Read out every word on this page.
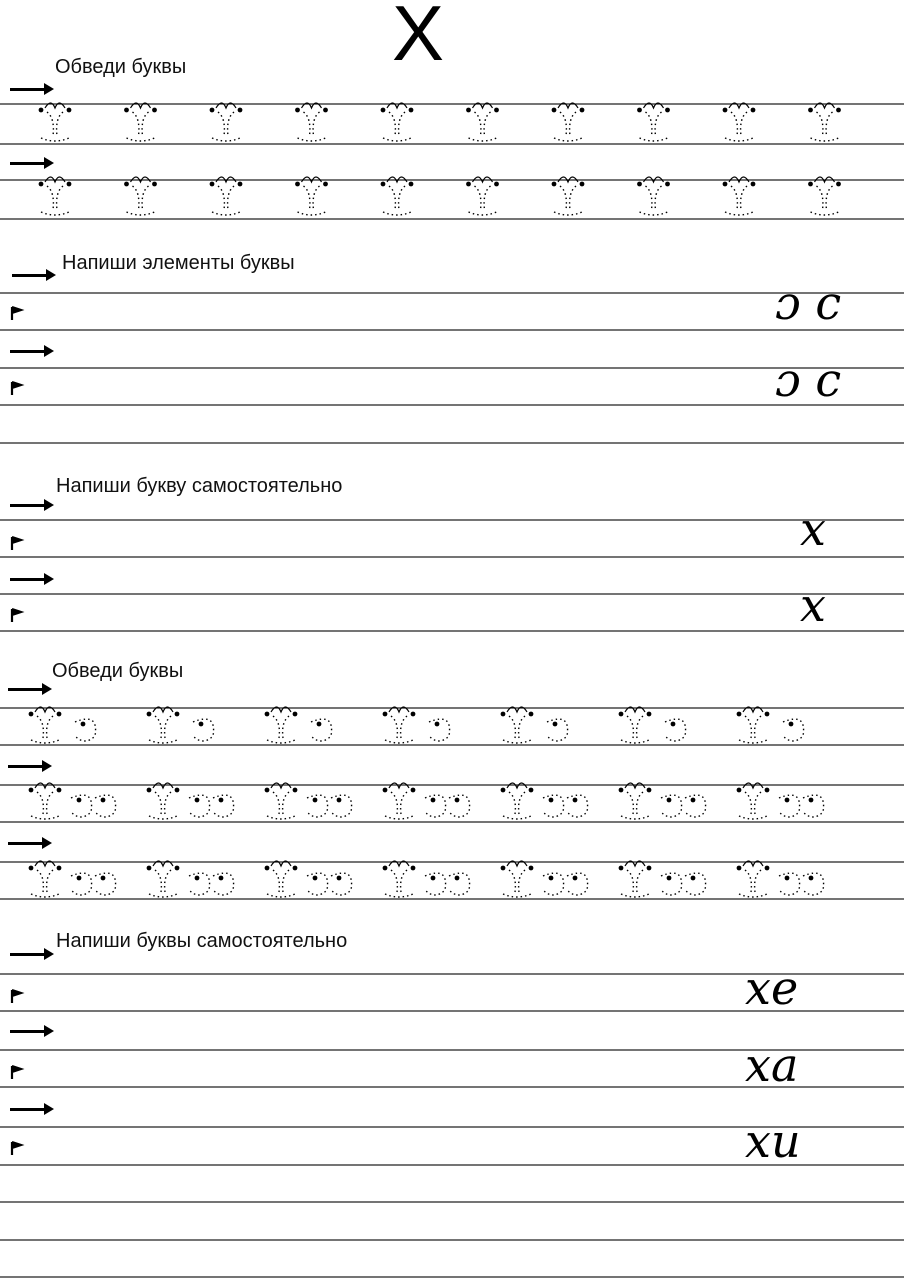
Х
Обведи буквы
Напиши элементы буквы
Напиши букву самостоятельно
Обведи буквы
Напиши буквы самостоятельно
ɔ c
ɔ c
x
x
xe
xa
xu
